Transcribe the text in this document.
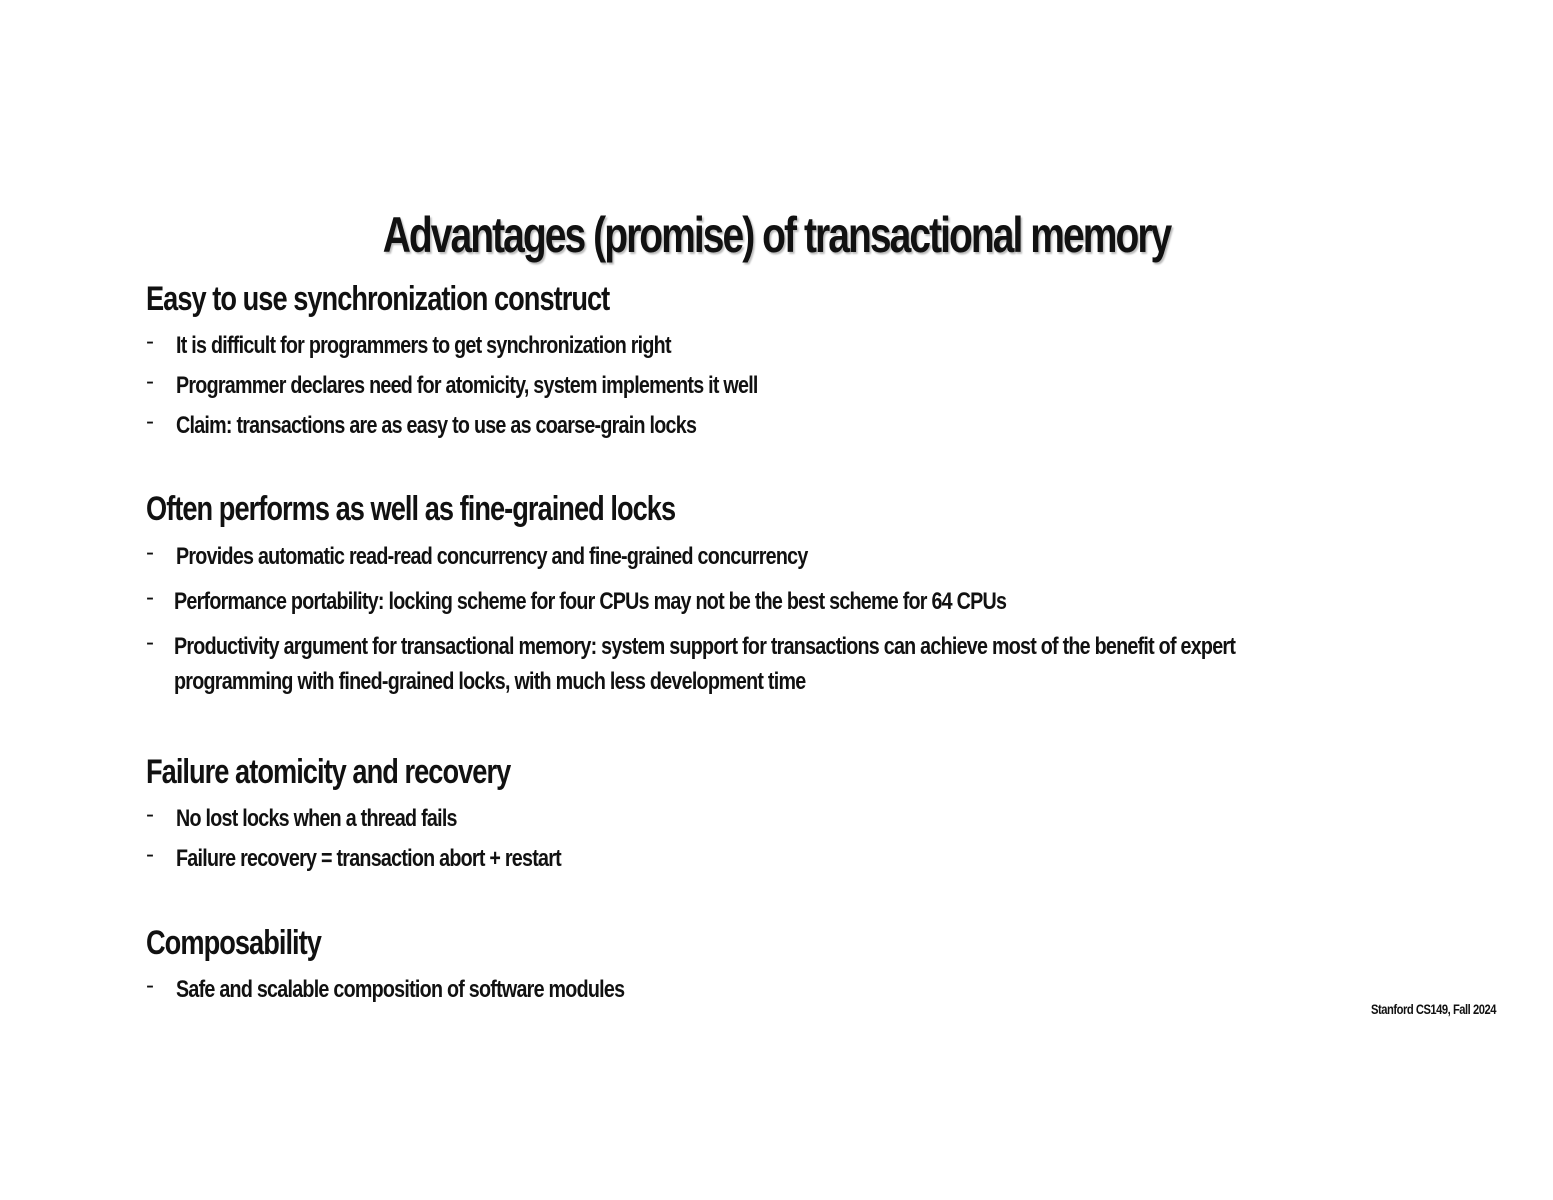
Advantages (promise) of transactional memory
Easy to use synchronization construct
- It is difficult for programmers to get synchronization right
- Programmer declares need for atomicity, system implements it well
- Claim: transactions are as easy to use as coarse-grain locks
Often performs as well as fine-grained locks
- Provides automatic read-read concurrency and fine-grained concurrency
- Performance portability: locking scheme for four CPUs may not be the best scheme for 64 CPUs
- Productivity argument for transactional memory: system support for transactions can achieve most of the benefit of expert
programming with fined-grained locks, with much less development time
Failure atomicity and recovery
- No lost locks when a thread fails
- Failure recovery = transaction abort + restart
Composability
- Safe and scalable composition of software modules
Stanford CS149, Fall 2024
